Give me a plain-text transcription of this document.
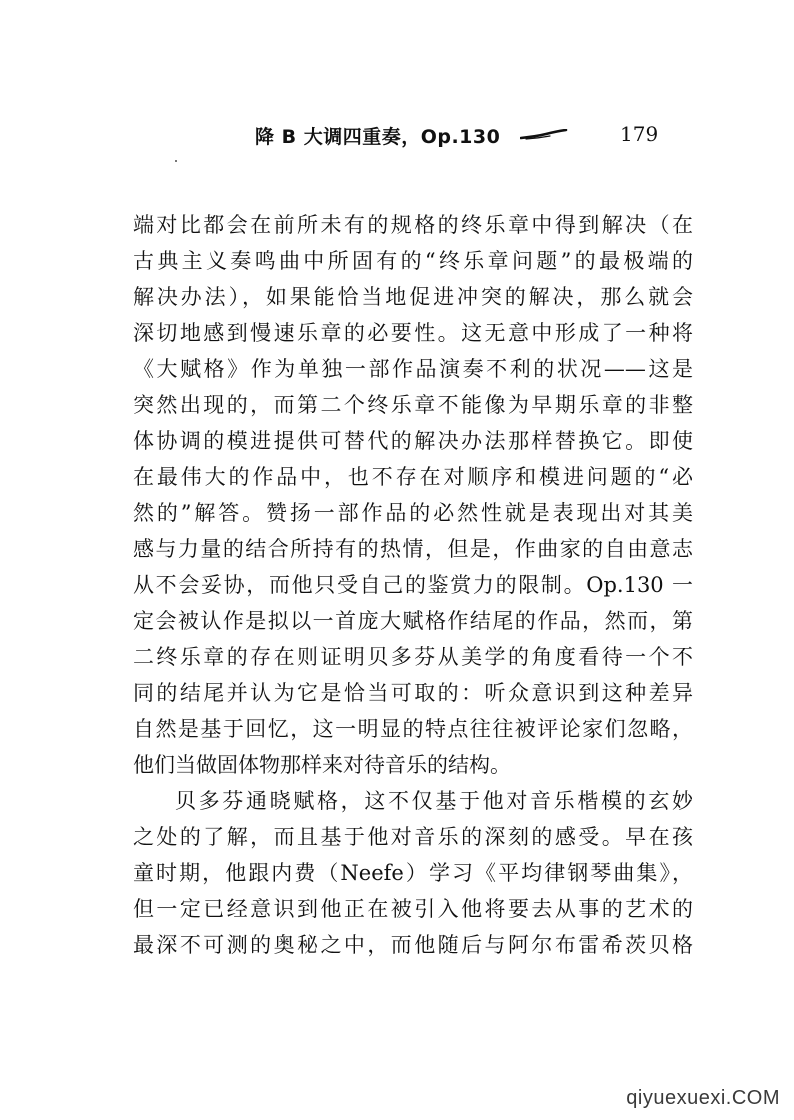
降 B 大调四重奏，Op.130	179
端对比都会在前所未有的规格的终乐章中得到解决（在
古典主义奏鸣曲中所固有的“终乐章问题”的最极端的
解决办法），如果能恰当地促进冲突的解决，那么就会
深切地感到慢速乐章的必要性。这无意中形成了一种将
《大赋格》作为单独一部作品演奏不利的状况——这是
突然出现的，而第二个终乐章不能像为早期乐章的非整
体协调的模进提供可替代的解决办法那样替换它。即使
在最伟大的作品中，也不存在对顺序和模进问题的“必
然的”解答。赞扬一部作品的必然性就是表现出对其美
感与力量的结合所持有的热情，但是，作曲家的自由意志
从不会妥协，而他只受自己的鉴赏力的限制。Op.130 一
定会被认作是拟以一首庞大赋格作结尾的作品，然而，第
二终乐章的存在则证明贝多芬从美学的角度看待一个不
同的结尾并认为它是恰当可取的：听众意识到这种差异
自然是基于回忆，这一明显的特点往往被评论家们忽略，
他们当做固体物那样来对待音乐的结构。
贝多芬通晓赋格，这不仅基于他对音乐楷模的玄妙
之处的了解，而且基于他对音乐的深刻的感受。早在孩
童时期，他跟内费（Neefe）学习《平均律钢琴曲集》，
但一定已经意识到他正在被引入他将要去从事的艺术的
最深不可测的奥秘之中，而他随后与阿尔布雷希茨贝格
qiyuexuexi.COM
